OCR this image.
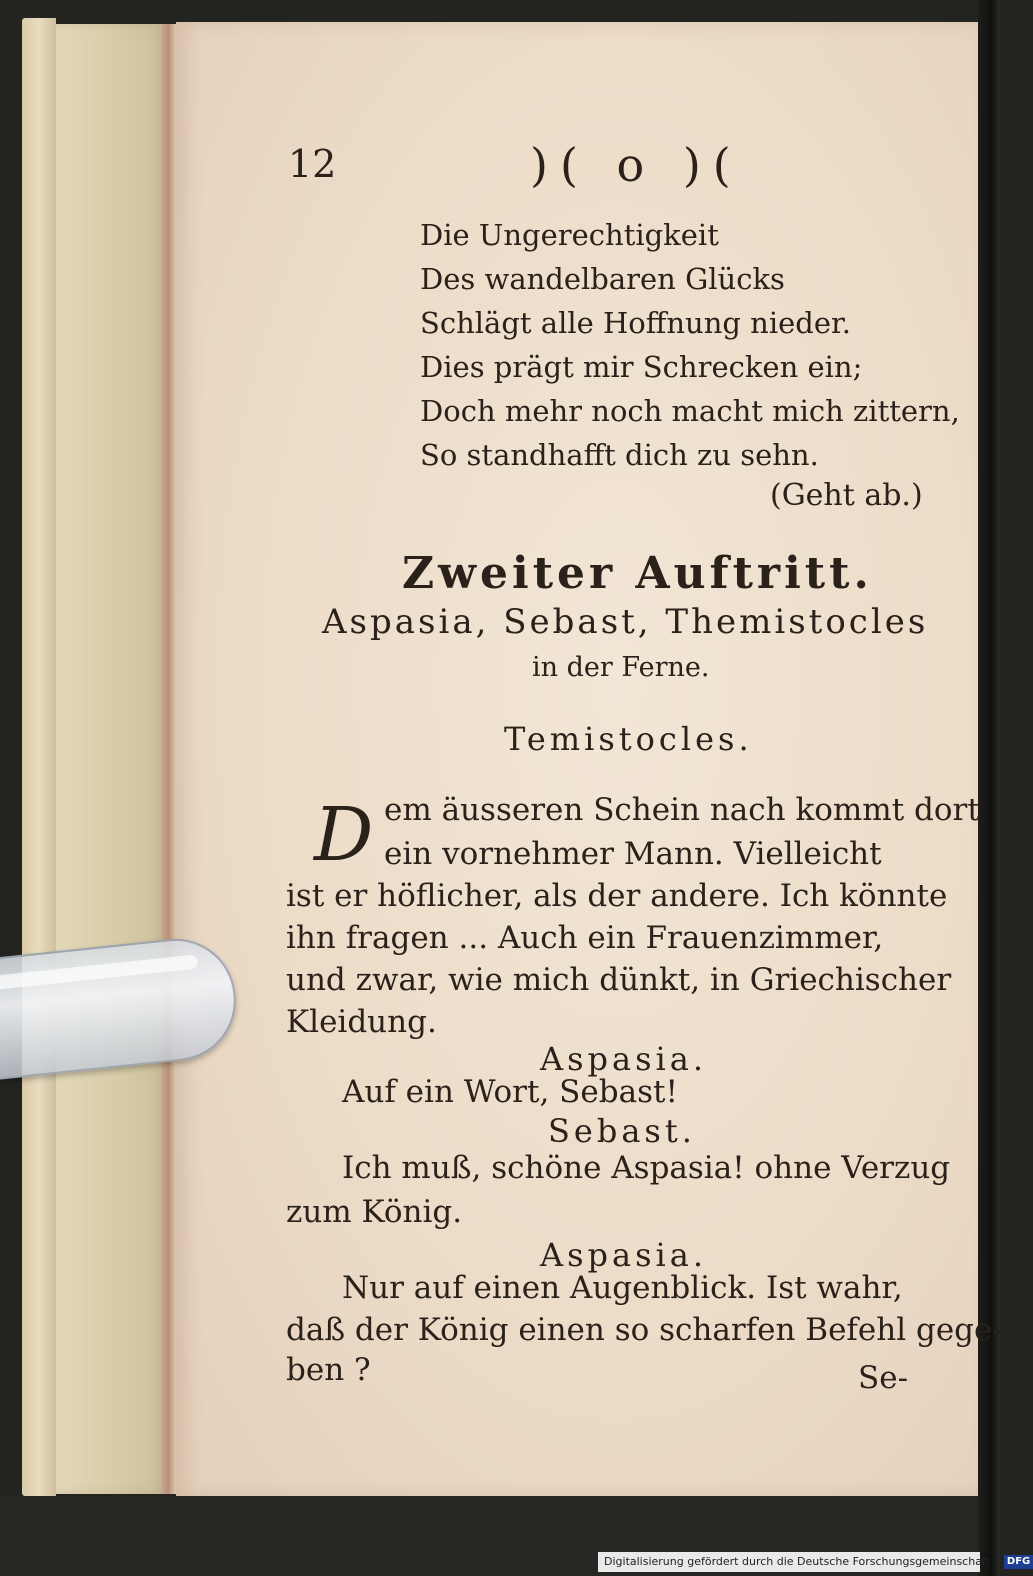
12	)( o )(
Die Ungerechtigkeit
Des wandelbaren Glücks
Schlägt alle Hoffnung nieder.
Dies prägt mir Schrecken ein;
Doch mehr noch macht mich zittern,
So standhafft dich zu sehn.
(Geht ab.)
Zweiter Auftritt.
Aspasia, Sebast, Themistocles
in der Ferne.
Temistocles.
D em äusseren Schein nach kommt dort
ein vornehmer Mann. Vielleicht
ist er höflicher, als der andere. Ich könnte
ihn fragen ... Auch ein Frauenzimmer,
und zwar, wie mich dünkt, in Griechischer
Kleidung.
Aspasia.
Auf ein Wort, Sebast!
Sebast.
Ich muß, schöne Aspasia! ohne Verzug
zum König.
Aspasia.
Nur auf einen Augenblick. Ist wahr,
daß der König einen so scharfen Befehl gege-
ben ?	Se-
Digitalisierung gefördert durch die Deutsche Forschungsgemeinschaft - DFG
